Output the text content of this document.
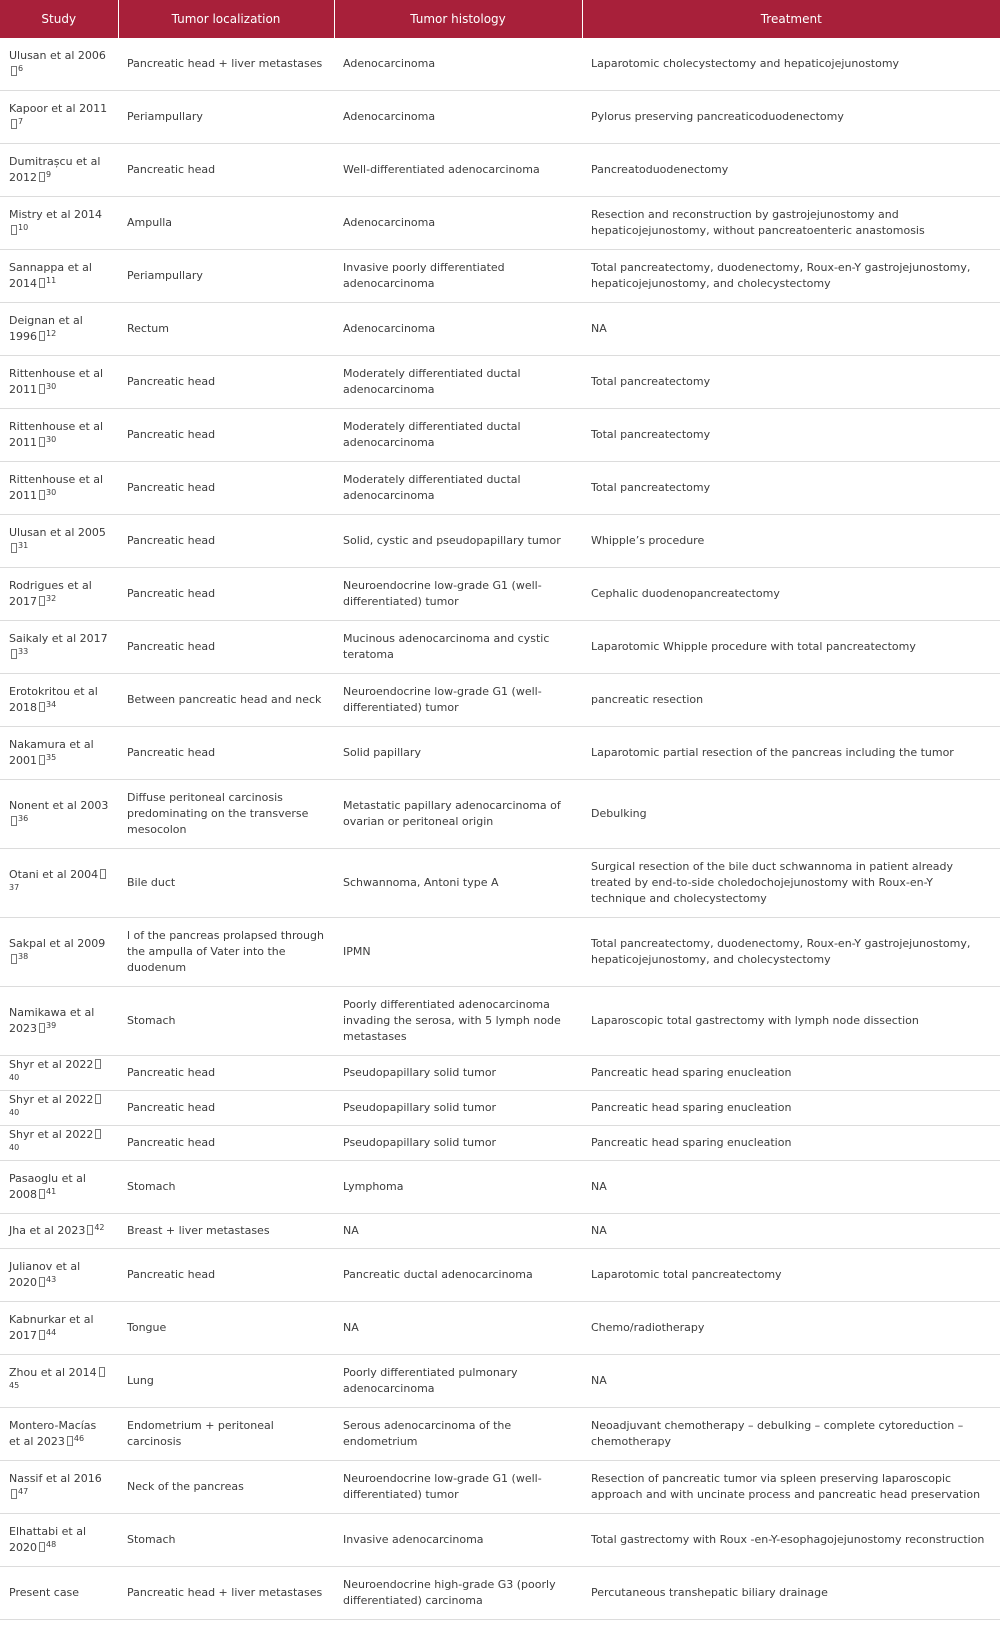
Study	Tumor localization	Tumor histology	Treatment
Ulusan et al 2006$^6$	Pancreatic head + liver metastases	Adenocarcinoma	Laparotomic cholecystectomy and hepaticojejunostomy
Kapoor et al 2011$^7$	Periampullary	Adenocarcinoma	Pylorus preserving pancreaticoduodenectomy
Dumitrașcu et al 2012 $^9$	Pancreatic head	Well-differentiated adenocarcinoma	Pancreatoduodenectomy
Mistry et al 2014$^{10}$	Ampulla	Adenocarcinoma	Resection and reconstruction by gastrojejunostomy and hepaticojejunostomy, without pancreatoenteric anastomosis
Sannappa et al 2014 $^{11}$	Periampullary	Invasive poorly differentiated adenocarcinoma	Total pancreatectomy, duodenectomy, Roux-en-Y gastrojejunostomy, hepaticojejunostomy, and cholecystectomy
Deignan et al 1996 $^{12}$	Rectum	Adenocarcinoma	NA
Rittenhouse et al 2011 $^{30}$	Pancreatic head	Moderately differentiated ductal adenocarcinoma	Total pancreatectomy
Rittenhouse et al 2011 $^{30}$	Pancreatic head	Moderately differentiated ductal adenocarcinoma	Total pancreatectomy
Rittenhouse et al 2011 $^{30}$	Pancreatic head	Moderately differentiated ductal adenocarcinoma	Total pancreatectomy
Ulusan et al 2005$^{31}$	Pancreatic head	Solid, cystic and pseudopapillary tumor	Whipple’s procedure
Rodrigues et al 2017 $^{32}$	Pancreatic head	Neuroendocrine low-grade G1 (well-differentiated) tumor	Cephalic duodenopancreatectomy
Saikaly et al 2017$^{33}$	Pancreatic head	Mucinous adenocarcinoma and cystic teratoma	Laparotomic Whipple procedure with total pancreatectomy
Erotokritou et al 2018 $^{34}$	Between pancreatic head and neck	Neuroendocrine low-grade G1 (well-differentiated) tumor	pancreatic resection
Nakamura et al 2001 $^{35}$	Pancreatic head	Solid papillary	Laparotomic partial resection of the pancreas including the tumor
Nonent et al 2003$^{36}$	Diffuse peritoneal carcinosis predominating on the transverse mesocolon	Metastatic papillary adenocarcinoma of ovarian or peritoneal origin	Debulking
Otani et al 2004$^{37}$	Bile duct	Schwannoma, Antoni type A	Surgical resection of the bile duct schwannoma in patient already treated by end-to-side choledochojejunostomy with Roux-en-Y technique and cholecystectomy
Sakpal et al 2009$^{38}$	l of the pancreas prolapsed through the ampulla of Vater into the duodenum	IPMN	Total pancreatectomy, duodenectomy, Roux-en-Y gastrojejunostomy, hepaticojejunostomy, and cholecystectomy
Namikawa et al 2023 $^{39}$	Stomach	Poorly differentiated adenocarcinoma invading the serosa, with 5 lymph node metastases	Laparoscopic total gastrectomy with lymph node dissection
Shyr et al 2022$^{40}$	Pancreatic head	Pseudopapillary solid tumor	Pancreatic head sparing enucleation
Shyr et al 2022$^{40}$	Pancreatic head	Pseudopapillary solid tumor	Pancreatic head sparing enucleation
Shyr et al 2022$^{40}$	Pancreatic head	Pseudopapillary solid tumor	Pancreatic head sparing enucleation
Pasaoglu et al 2008 $^{41}$	Stomach	Lymphoma	NA
Jha et al 2023 $^{42}$	Breast + liver metastases	NA	NA
Julianov et al 2020 $^{43}$	Pancreatic head	Pancreatic ductal adenocarcinoma	Laparotomic total pancreatectomy
Kabnurkar et al 2017 $^{44}$	Tongue	NA	Chemo/radiotherapy
Zhou et al 2014$^{45}$	Lung	Poorly differentiated pulmonary adenocarcinoma	NA
Montero-Macías et al 2023 $^{46}$	Endometrium + peritoneal carcinosis	Serous adenocarcinoma of the endometrium	Neoadjuvant chemotherapy – debulking – complete cytoreduction – chemotherapy
Nassif et al 2016$^{47}$	Neck of the pancreas	Neuroendocrine low-grade G1 (well-differentiated) tumor	Resection of pancreatic tumor via spleen preserving laparoscopic approach and with uncinate process and pancreatic head preservation
Elhattabi et al 2020 $^{48}$	Stomach	Invasive adenocarcinoma	Total gastrectomy with Roux -en-Y-esophagojejunostomy reconstruction
Present case	Pancreatic head + liver metastases	Neuroendocrine high-grade G3 (poorly differentiated) carcinoma	Percutaneous transhepatic biliary drainage
